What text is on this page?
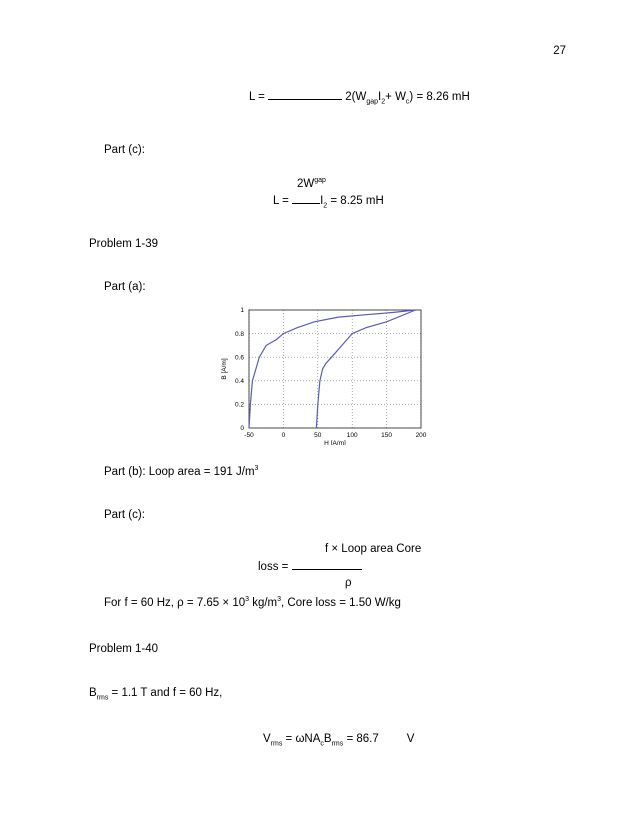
27
L =	$2(W_{gap}I_2+ W_c) = 8.26$ mH
Part (c):
$2W^{gap}$
$L = I_2 = 8.25$ mH
Problem 1-39
Part (a):
-50	0	50	100	150	200
0
0.2
0.4
0.6
0.8
1
H [A/m]
B [A/m]
Part (b): Loop area = 191 $J/m^3$
Part (c):
f × Loop area Core
loss =
ρ
For f = 60 Hz, $\rho = 7.65 \times 10^3$ $kg/m^3$, Core loss = 1.50 W/kg
Problem 1-40
$B_{rms} = 1.1$ T and f = 60 Hz,
$V_{rms} = \omega NA_cB_{rms} = 86.7$ V
